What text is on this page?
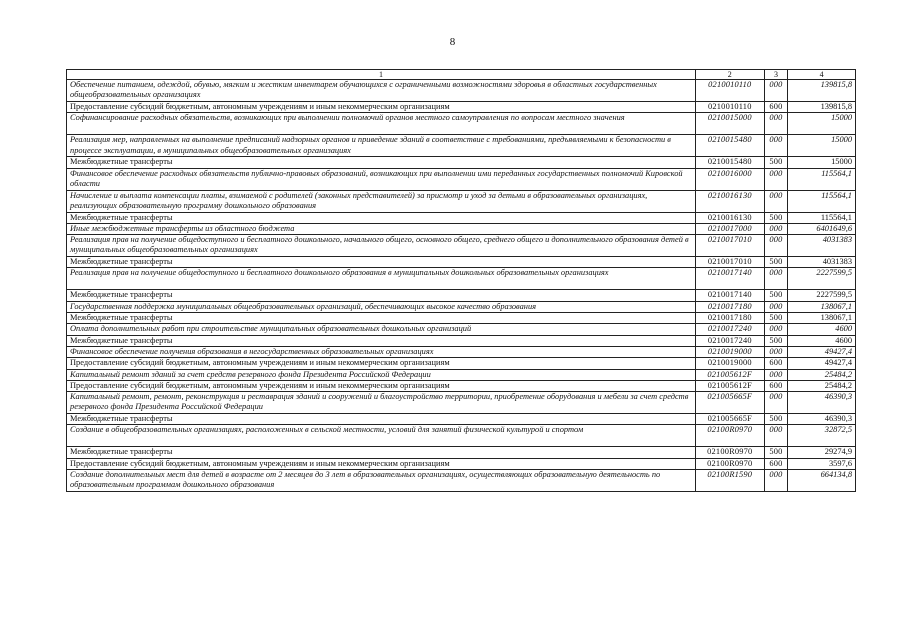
8
1	2	3	4
Обеспечение питанием, одеждой, обувью, мягким и жестким инвентарем обучающихся с ограниченными возможностями здоровья в областных государственных общеобразовательных организациях	0210010110	000	139815,8
Предоставление субсидий бюджетным, автономным учреждениям и иным некоммерческим организациям	0210010110	600	139815,8
Софинансирование расходных обязательств, возникающих при выполнении полномочий органов местного самоуправления по вопросам местного значения	0210015000	000	15000
Реализация мер, направленных на выполнение предписаний надзорных органов и приведение зданий в соответствие с требованиями, предъявляемыми к безопасности в процессе эксплуатации, в муниципальных общеобразовательных организациях	0210015480	000	15000
Межбюджетные трансферты	0210015480	500	15000
Финансовое обеспечение расходных обязательств публично-правовых образований, возникающих при выполнении ими переданных государственных полномочий Кировской области	0210016000	000	115564,1
Начисление и выплата компенсации платы, взимаемой с родителей (законных представителей) за присмотр и уход за детьми в образовательных организациях, реализующих образовательную программу дошкольного образования	0210016130	000	115564,1
Межбюджетные трансферты	0210016130	500	115564,1
Иные межбюджетные трансферты из областного бюджета	0210017000	000	6401649,6
Реализация прав на получение общедоступного и бесплатного дошкольного, начального общего, основного общего, среднего общего и дополнительного образования детей в муниципальных общеобразовательных организациях	0210017010	000	4031383
Межбюджетные трансферты	0210017010	500	4031383
Реализация прав на получение общедоступного и бесплатного дошкольного образования в муниципальных дошкольных образовательных организациях	0210017140	000	2227599,5
Межбюджетные трансферты	0210017140	500	2227599,5
Государственная поддержка муниципальных общеобразовательных организаций, обеспечивающих высокое качество образования	0210017180	000	138067,1
Межбюджетные трансферты	0210017180	500	138067,1
Оплата дополнительных работ при строительстве муниципальных образовательных дошкольных организаций	0210017240	000	4600
Межбюджетные трансферты	0210017240	500	4600
Финансовое обеспечение получения образования в негосударственных образовательных организациях	0210019000	000	49427,4
Предоставление субсидий бюджетным, автономным учреждениям и иным некоммерческим организациям	0210019000	600	49427,4
Капитальный ремонт зданий за счет средств резервного фонда Президента Российской Федерации	021005612F	000	25484,2
Предоставление субсидий бюджетным, автономным учреждениям и иным некоммерческим организациям	021005612F	600	25484,2
Капитальный ремонт, ремонт, реконструкция и реставрация зданий и сооружений и благоустройство территории, приобретение оборудования и мебели за счет средств резервного фонда Президента Российской Федерации	021005665F	000	46390,3
Межбюджетные трансферты	021005665F	500	46390,3
Создание в общеобразовательных организациях, расположенных в сельской местности, условий для занятий физической культурой и спортом	02100R0970	000	32872,5
Межбюджетные трансферты	02100R0970	500	29274,9
Предоставление субсидий бюджетным, автономным учреждениям и иным некоммерческим организациям	02100R0970	600	3597,6
Создание дополнительных мест для детей в возрасте от 2 месяцев до 3 лет в образовательных организациях, осуществляющих образовательную деятельность по образовательным программам дошкольного образования	02100R1590	000	664134,8
